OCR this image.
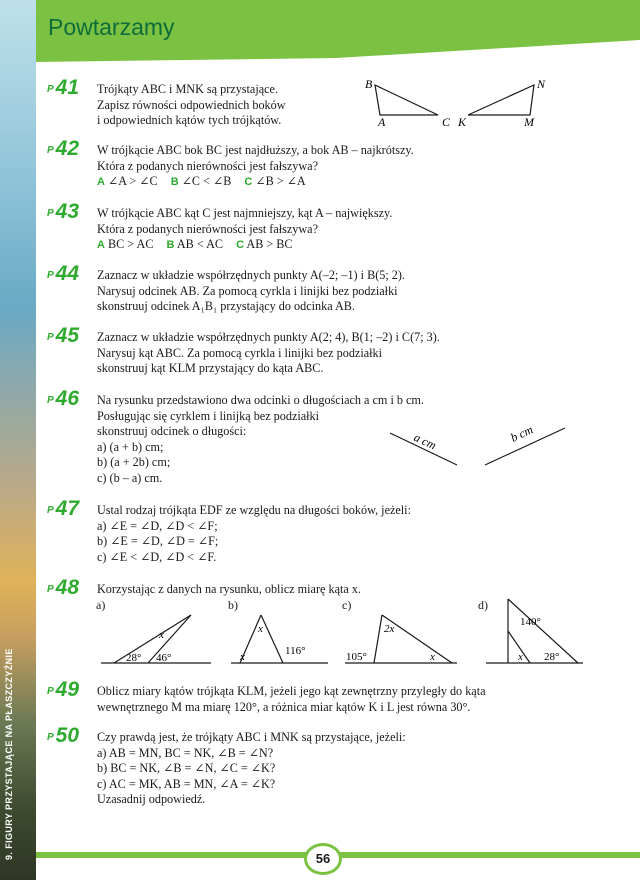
9. FIGURY PRZYSTAJĄCE NA PŁASZCZYŹNIE
Powtarzamy
P41	Trójkąty ABC i MNK są przystające.
Zapisz równości odpowiednich boków
i odpowiednich kątów tych trójkątów.
B
A	C K
N
M
P42	W trójkącie ABC bok BC jest najdłuższy, a bok AB – najkrótszy.
Która z podanych nierówności jest fałszywa?
A ∠A > ∠C B ∠C < ∠B C ∠B > ∠A
P43	W trójkącie ABC kąt C jest najmniejszy, kąt A – największy.
Która z podanych nierówności jest fałszywa?
A BC > AC B AB < AC C AB > BC
P44	Zaznacz w układzie współrzędnych punkty A(–2; –1) i B(5; 2).
Narysuj odcinek AB. Za pomocą cyrkla i linijki bez podziałki
skonstruuj odcinek A₁B₁ przystający do odcinka AB.
P45	Zaznacz w układzie współrzędnych punkty A(2; 4), B(1; –2) i C(7; 3).
Narysuj kąt ABC. Za pomocą cyrkla i linijki bez podziałki
skonstruuj kąt KLM przystający do kąta ABC.
P46	Na rysunku przedstawiono dwa odcinki o długościach a cm i b cm.
Posługując się cyrklem i linijką bez podziałki
skonstruuj odcinek o długości:
a) (a + b) cm;
b) (a + 2b) cm;
c) (b – a) cm.
a cm	b cm
P47	Ustal rodzaj trójkąta EDF ze względu na długości boków, jeżeli:
a) ∠E = ∠D, ∠D < ∠F;
b) ∠E = ∠D, ∠D = ∠F;
c) ∠E < ∠D, ∠D < ∠F.
P48	Korzystając z danych na rysunku, oblicz miarę kąta x.
a)	b)	c)	d)
x
28° 46°
x
x	116°
2x
105°	x
140°
x 28°
P49	Oblicz miary kątów trójkąta KLM, jeżeli jego kąt zewnętrzny przyległy do kąta
wewnętrznego M ma miarę 120°, a różnica miar kątów K i L jest równa 30°.
P50	Czy prawdą jest, że trójkąty ABC i MNK są przystające, jeżeli:
a) AB = MN, BC = NK, ∠B = ∠N?
b) BC = NK, ∠B = ∠N, ∠C = ∠K?
c) AC = MK, AB = MN, ∠A = ∠K?
Uzasadnij odpowiedź.
56
